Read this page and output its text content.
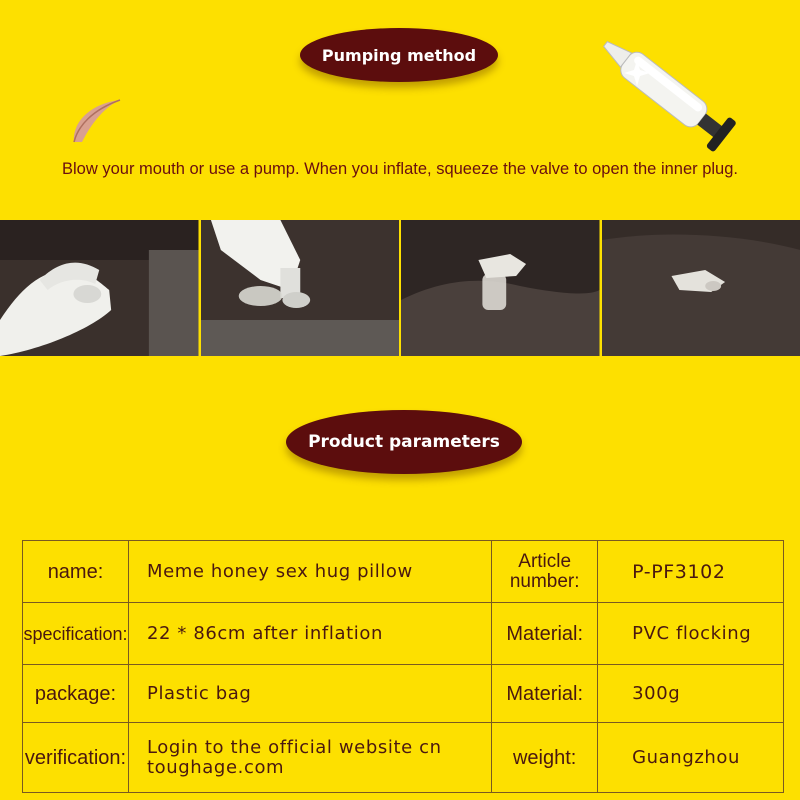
Pumping method
Blow your mouth or use a pump. When you inflate, squeeze the valve to open the inner plug.
Product parameters
name:	Meme honey sex hug pillow	Article number:	P-PF3102
specification:	22 * 86cm after inflation	Material:	PVC flocking
package:	Plastic bag	Material:	300g
verification:	Login to the official website cn toughage.com	weight:	Guangzhou
